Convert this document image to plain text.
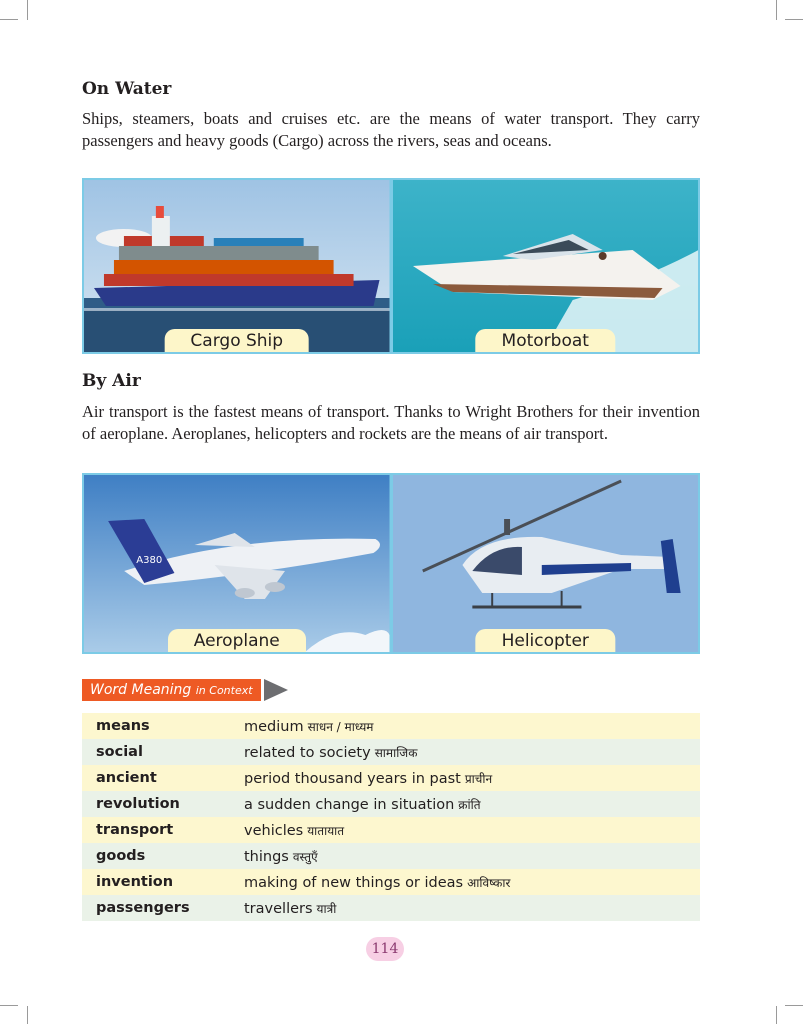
On Water

Ships, steamers, boats and cruises etc. are the means of water transport. They carry passengers and heavy goods (Cargo) across the rivers, seas and oceans.

Cargo Ship	Motorboat
By Air

Air transport is the fastest means of transport. Thanks to Wright Brothers for their invention of aeroplane. Aeroplanes, helicopters and rockets are the means of air transport.

A380
Aeroplane	Helicopter
Word Meaning in Context
means	medium साधन / माध्यम
social	related to society सामाजिक
ancient	period thousand years in past प्राचीन
revolution	a sudden change in situation क्रांति
transport	vehicles यातायात
goods	things वस्तुएँ
invention	making of new things or ideas आविष्कार
passengers	travellers यात्री
114
